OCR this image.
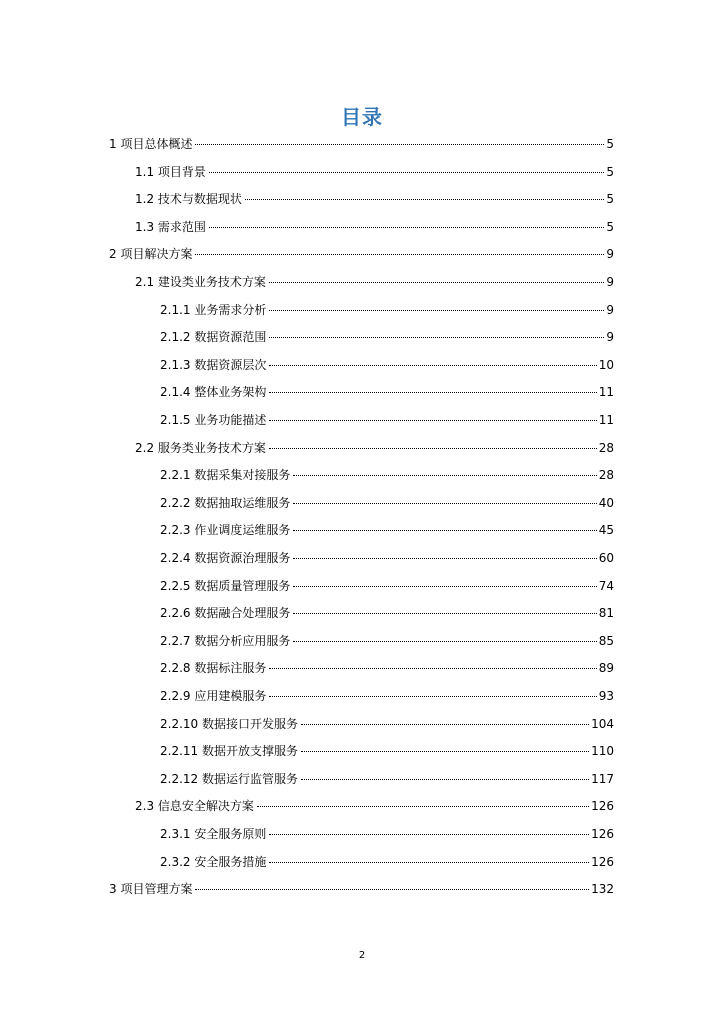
目录
1 项目总体概述	5
1.1 项目背景	5
1.2 技术与数据现状	5
1.3 需求范围	5
2 项目解决方案	9
2.1 建设类业务技术方案	9
2.1.1 业务需求分析	9
2.1.2 数据资源范围	9
2.1.3 数据资源层次	10
2.1.4 整体业务架构	11
2.1.5 业务功能描述	11
2.2 服务类业务技术方案	28
2.2.1 数据采集对接服务	28
2.2.2 数据抽取运维服务	40
2.2.3 作业调度运维服务	45
2.2.4 数据资源治理服务	60
2.2.5 数据质量管理服务	74
2.2.6 数据融合处理服务	81
2.2.7 数据分析应用服务	85
2.2.8 数据标注服务	89
2.2.9 应用建模服务	93
2.2.10 数据接口开发服务	104
2.2.11 数据开放支撑服务	110
2.2.12 数据运行监管服务	117
2.3 信息安全解决方案	126
2.3.1 安全服务原则	126
2.3.2 安全服务措施	126
3 项目管理方案	132
2
